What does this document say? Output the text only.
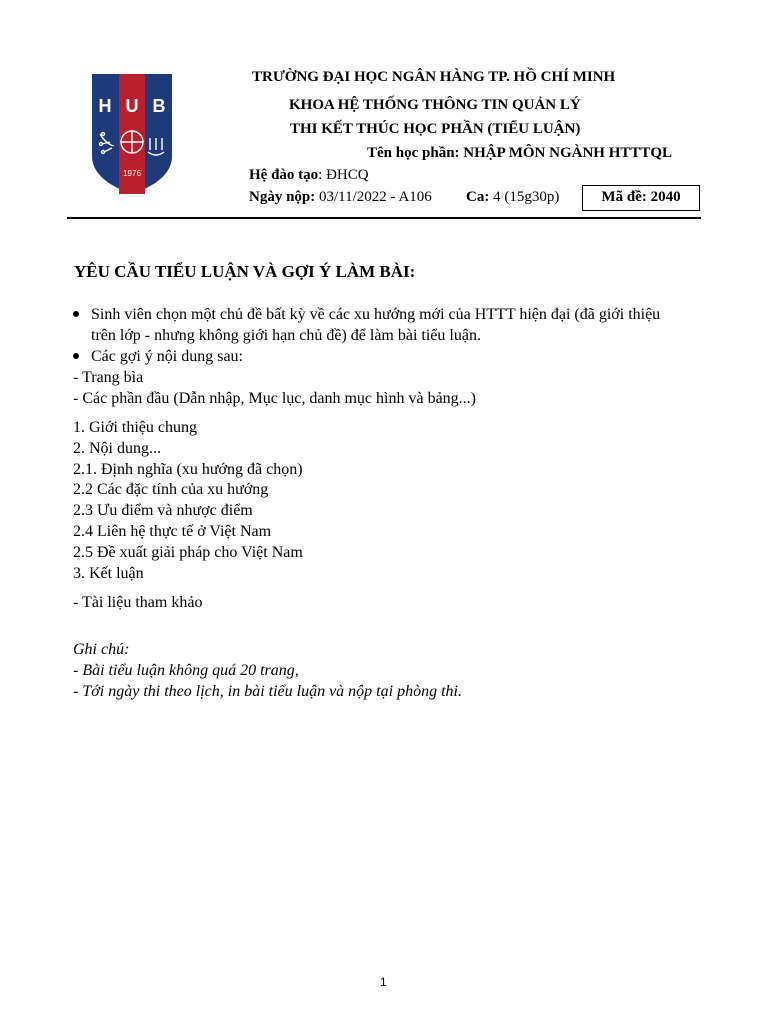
H U B
1976
TRƯỜNG ĐẠI HỌC NGÂN HÀNG TP. HỒ CHÍ MINH
KHOA HỆ THỐNG THÔNG TIN QUẢN LÝ
THI KẾT THÚC HỌC PHẦN (TIỂU LUẬN)
Tên học phần: NHẬP MÔN NGÀNH HTTTQL
Hệ đào tạo: ĐHCQ
Ngày nộp: 03/11/2022 - A106 Ca: 4 (15g30p)	Mã đề: 2040
YÊU CẦU TIỂU LUẬN VÀ GỢI Ý LÀM BÀI:
Sinh viên chọn một chủ đề bất kỳ về các xu hướng mới của HTTT hiện đại (đã giới thiệu
trên lớp - nhưng không giới hạn chủ đề) để làm bài tiểu luận.
Các gợi ý nội dung sau:
- Trang bìa
- Các phần đầu (Dẫn nhập, Mục lục, danh mục hình và bảng...)
1. Giới thiệu chung
2. Nội dung...
2.1. Định nghĩa (xu hướng đã chọn)
2.2 Các đặc tính của xu hướng
2.3 Ưu điểm và nhược điểm
2.4 Liên hệ thực tế ở Việt Nam
2.5 Đề xuất giải pháp cho Việt Nam
3. Kết luận
- Tài liệu tham khảo
Ghi chú:
- Bài tiểu luận không quá 20 trang,
- Tới ngày thi theo lịch, in bài tiểu luận và nộp tại phòng thi.
1
